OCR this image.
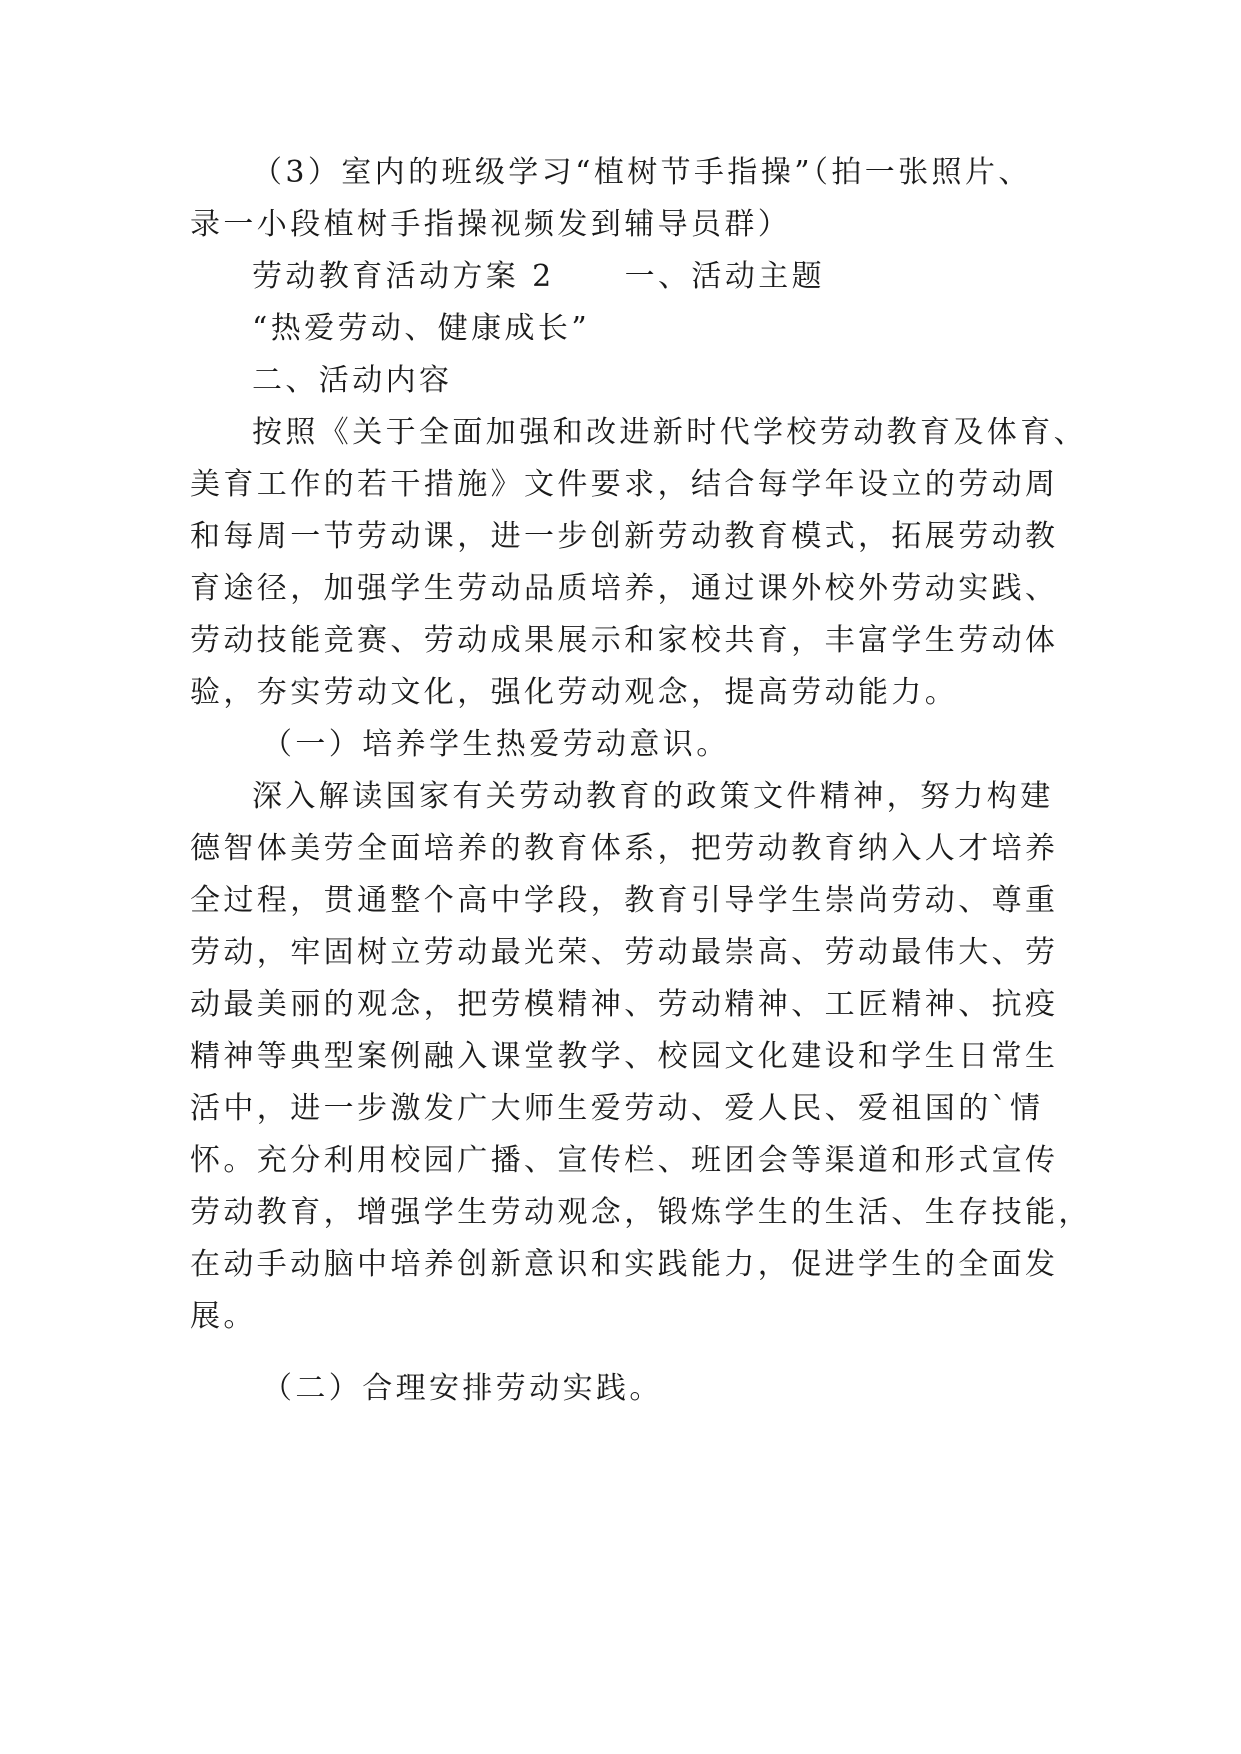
（3）室内的班级学习“植树节手指操”（拍一张照片、
录一小段植树手指操视频发到辅导员群）
劳动教育活动方案 2 一、活动主题
“热爱劳动、健康成长”
二、活动内容
按照《关于全面加强和改进新时代学校劳动教育及体育、
美育工作的若干措施》文件要求，结合每学年设立的劳动周
和每周一节劳动课，进一步创新劳动教育模式，拓展劳动教
育途径，加强学生劳动品质培养，通过课外校外劳动实践、
劳动技能竞赛、劳动成果展示和家校共育，丰富学生劳动体
验，夯实劳动文化，强化劳动观念，提高劳动能力。
（一）培养学生热爱劳动意识。
深入解读国家有关劳动教育的政策文件精神，努力构建
德智体美劳全面培养的教育体系，把劳动教育纳入人才培养
全过程，贯通整个高中学段，教育引导学生崇尚劳动、尊重
劳动，牢固树立劳动最光荣、劳动最崇高、劳动最伟大、劳
动最美丽的观念，把劳模精神、劳动精神、工匠精神、抗疫
精神等典型案例融入课堂教学、校园文化建设和学生日常生
活中，进一步激发广大师生爱劳动、爱人民、爱祖国的`情
怀。充分利用校园广播、宣传栏、班团会等渠道和形式宣传
劳动教育，增强学生劳动观念，锻炼学生的生活、生存技能，
在动手动脑中培养创新意识和实践能力，促进学生的全面发
展。
（二）合理安排劳动实践。
